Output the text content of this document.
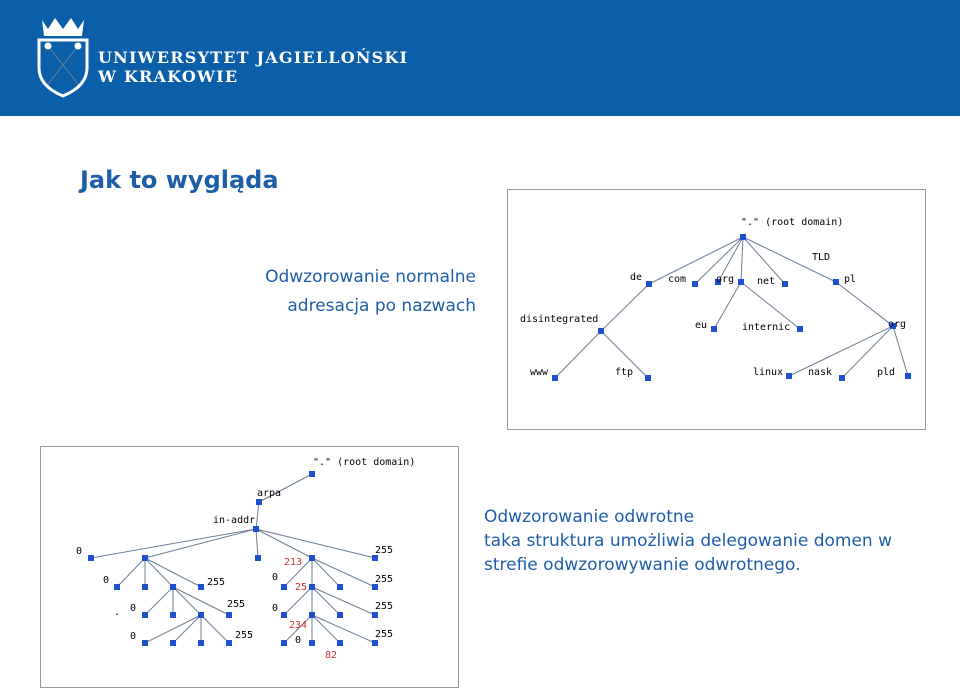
UNIWERSYTET JAGIELLOŃSKI
W KRAKOWIE
Jak to wygląda
Odwzorowanie normalne
adresacja po nazwach
"." (root domain)
TLD
de	com	org net	pl
disintegrated
eu	internic	org
www	ftp	linux nask	pld
"." (root domain)
arpa
in-addr
0	255
0	255
0	255
0	255
0	255
0	255
0
255
213
25
234
82
.
Odwzorowanie odwrotne
taka struktura umożliwia delegowanie domen w
strefie odwzorowywanie odwrotnego.
